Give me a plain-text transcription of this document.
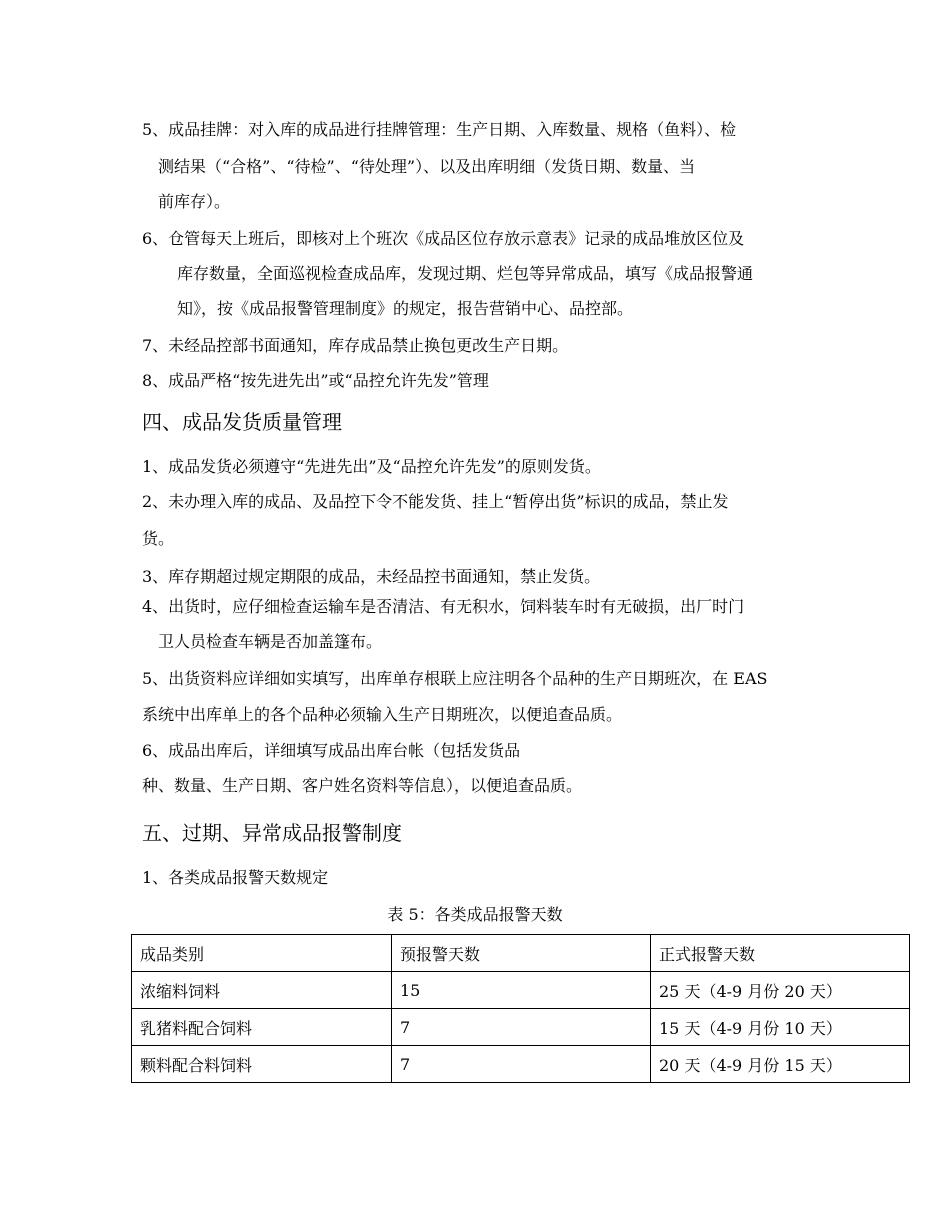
5、成品挂牌：对入库的成品进行挂牌管理：生产日期、入库数量、规格（鱼料）、检
测结果（“合格”、“待检”、“待处理”）、以及出库明细（发货日期、数量、当
前库存）。
6、仓管每天上班后，即核对上个班次《成品区位存放示意表》记录的成品堆放区位及
库存数量，全面巡视检查成品库，发现过期、烂包等异常成品，填写《成品报警通
知》，按《成品报警管理制度》的规定，报告营销中心、品控部。
7、未经品控部书面通知，库存成品禁止换包更改生产日期。
8、成品严格“按先进先出”或“品控允许先发”管理
四、成品发货质量管理
1、成品发货必须遵守“先进先出”及“品控允许先发”的原则发货。
2、未办理入库的成品、及品控下令不能发货、挂上“暂停出货”标识的成品，禁止发
货。
3、库存期超过规定期限的成品，未经品控书面通知，禁止发货。
4、出货时，应仔细检查运输车是否清洁、有无积水，饲料装车时有无破损，出厂时门
卫人员检查车辆是否加盖篷布。
5、出货资料应详细如实填写，出库单存根联上应注明各个品种的生产日期班次，在 EAS
系统中出库单上的各个品种必须输入生产日期班次，以便追查品质。
6、成品出库后，详细填写成品出库台帐（包括发货品
种、数量、生产日期、客户姓名资料等信息），以便追查品质。
五、过期、异常成品报警制度
1、各类成品报警天数规定
表 5：各类成品报警天数
成品类别	预报警天数	正式报警天数
浓缩料饲料	15	25 天（4-9 月份 20 天）
乳猪料配合饲料	7	15 天（4-9 月份 10 天）
颗料配合料饲料	7	20 天（4-9 月份 15 天）
